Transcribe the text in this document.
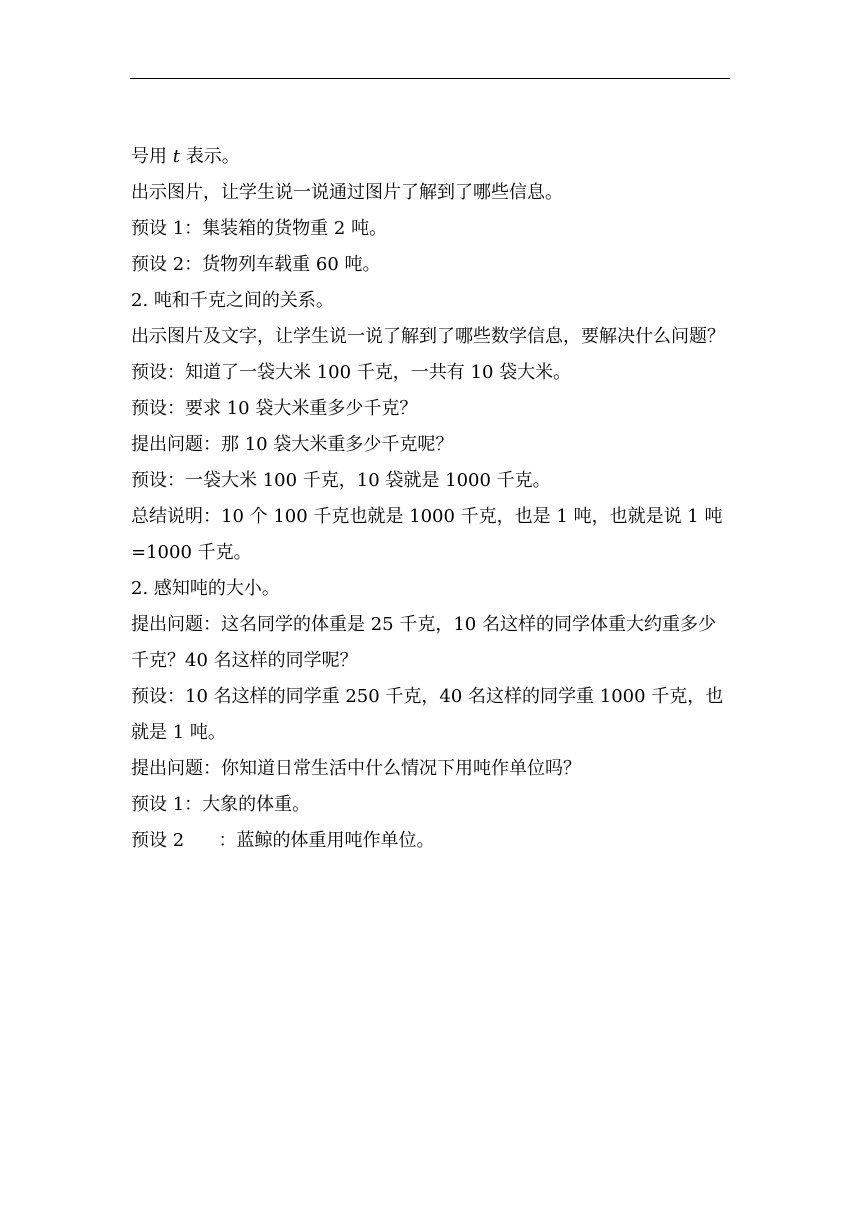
号用 t 表示。

出示图片，让学生说一说通过图片了解到了哪些信息。

预设 1：集装箱的货物重 2 吨。

预设 2：货物列车载重 60 吨。

2. 吨和千克之间的关系。

出示图片及文字，让学生说一说了解到了哪些数学信息，要解决什么问题？

预设：知道了一袋大米 100 千克，一共有 10 袋大米。

预设：要求 10 袋大米重多少千克？

提出问题：那 10 袋大米重多少千克呢？

预设：一袋大米 100 千克，10 袋就是 1000 千克。

总结说明：10 个 100 千克也就是 1000 千克，也是 1 吨，也就是说 1 吨=1000 千克。

2. 感知吨的大小。

提出问题：这名同学的体重是 25 千克，10 名这样的同学体重大约重多少千克？40 名这样的同学呢？

预设：10 名这样的同学重 250 千克，40 名这样的同学重 1000 千克，也就是 1 吨。

提出问题：你知道日常生活中什么情况下用吨作单位吗？

预设 1：大象的体重。

预设 2      ：蓝鲸的体重用吨作单位。
